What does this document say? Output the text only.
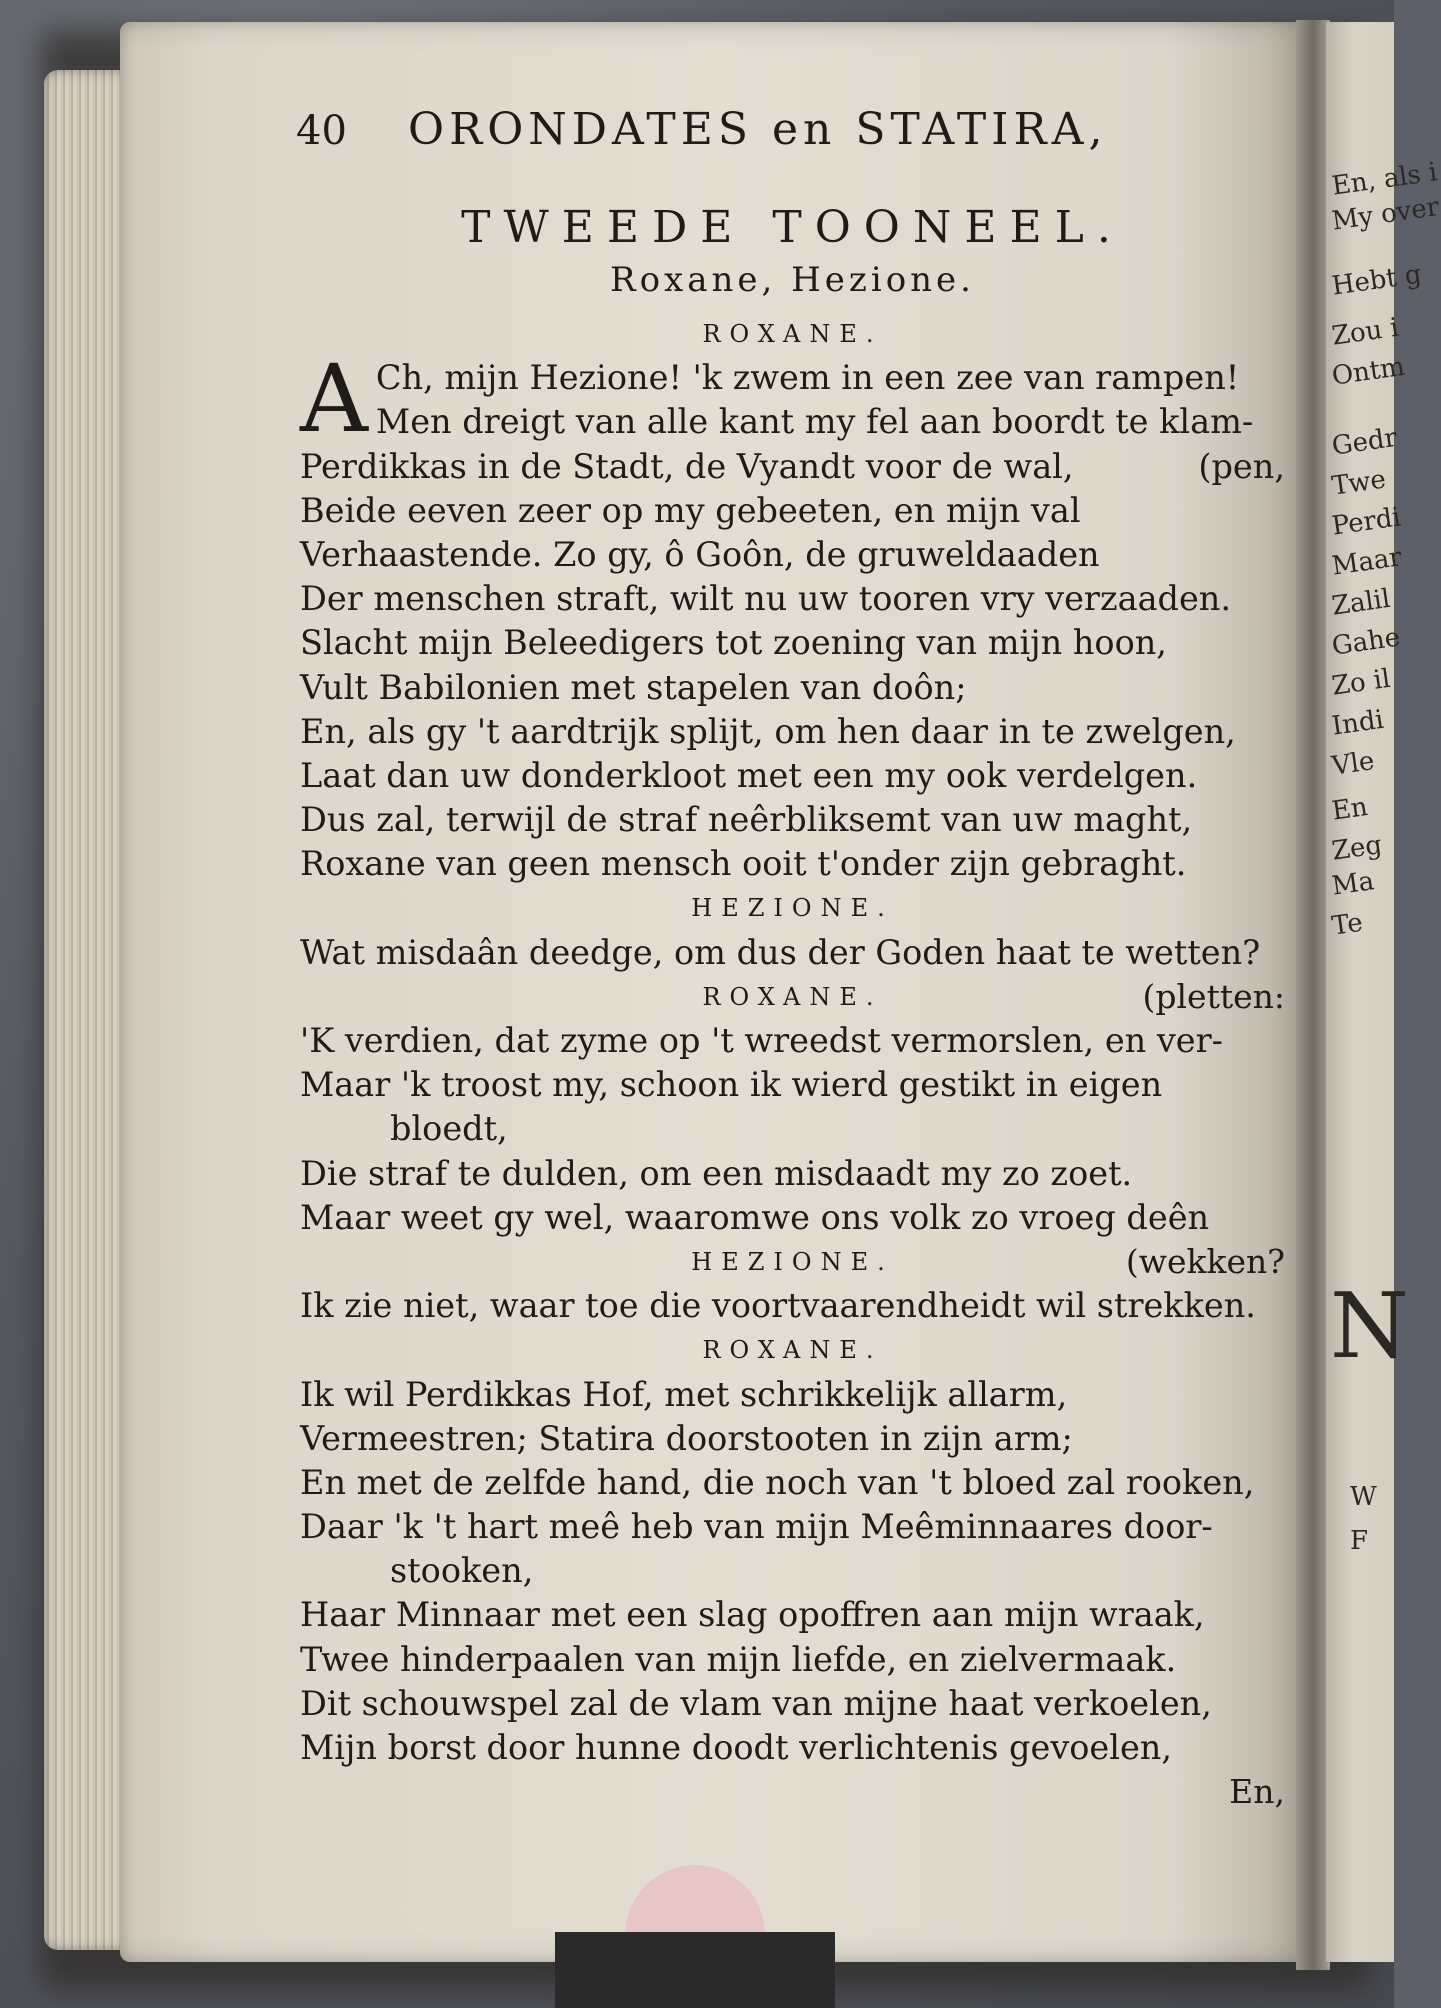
En, als i
My over
Hebt g
Zou i
Ontm
Gedr
Twe
Perdi
Maar
Zalil
Gahe
Zo il
Indi
Vle
En
Zeg
Ma
Te
N
W
F
40 ORONDATES en STATIRA,
TWEEDE TOONEEL.
Roxane, Hezione.
ROXANE.
A Ch, mijn Hezione! 'k zwem in een zee van rampen!
Men dreigt van alle kant my fel aan boordt te klam-
Perdikkas in de Stadt, de Vyandt voor de wal,	(pen,
Beide eeven zeer op my gebeeten, en mijn val
Verhaastende. Zo gy, ô Goôn, de gruweldaaden
Der menschen straft, wilt nu uw tooren vry verzaaden.
Slacht mijn Beleedigers tot zoening van mijn hoon,
Vult Babilonien met stapelen van doôn;
En, als gy 't aardtrijk splijt, om hen daar in te zwelgen,
Laat dan uw donderkloot met een my ook verdelgen.
Dus zal, terwijl de straf neêrbliksemt van uw maght,
Roxane van geen mensch ooit t'onder zijn gebraght.
HEZIONE.
Wat misdaân deedge, om dus der Goden haat te wetten?
ROXANE.	(pletten:
'K verdien, dat zyme op 't wreedst vermorslen, en ver-
Maar 'k troost my, schoon ik wierd gestikt in eigen
bloedt,
Die straf te dulden, om een misdaadt my zo zoet.
Maar weet gy wel, waaromwe ons volk zo vroeg deên
HEZIONE.	(wekken?
Ik zie niet, waar toe die voortvaarendheidt wil strekken.
ROXANE.
Ik wil Perdikkas Hof, met schrikkelijk allarm,
Vermeestren; Statira doorstooten in zijn arm;
En met de zelfde hand, die noch van 't bloed zal rooken,
Daar 'k 't hart meê heb van mijn Meêminnaares door-
stooken,
Haar Minnaar met een slag opoffren aan mijn wraak,
Twee hinderpaalen van mijn liefde, en zielvermaak.
Dit schouwspel zal de vlam van mijne haat verkoelen,
Mijn borst door hunne doodt verlichtenis gevoelen,
En,
